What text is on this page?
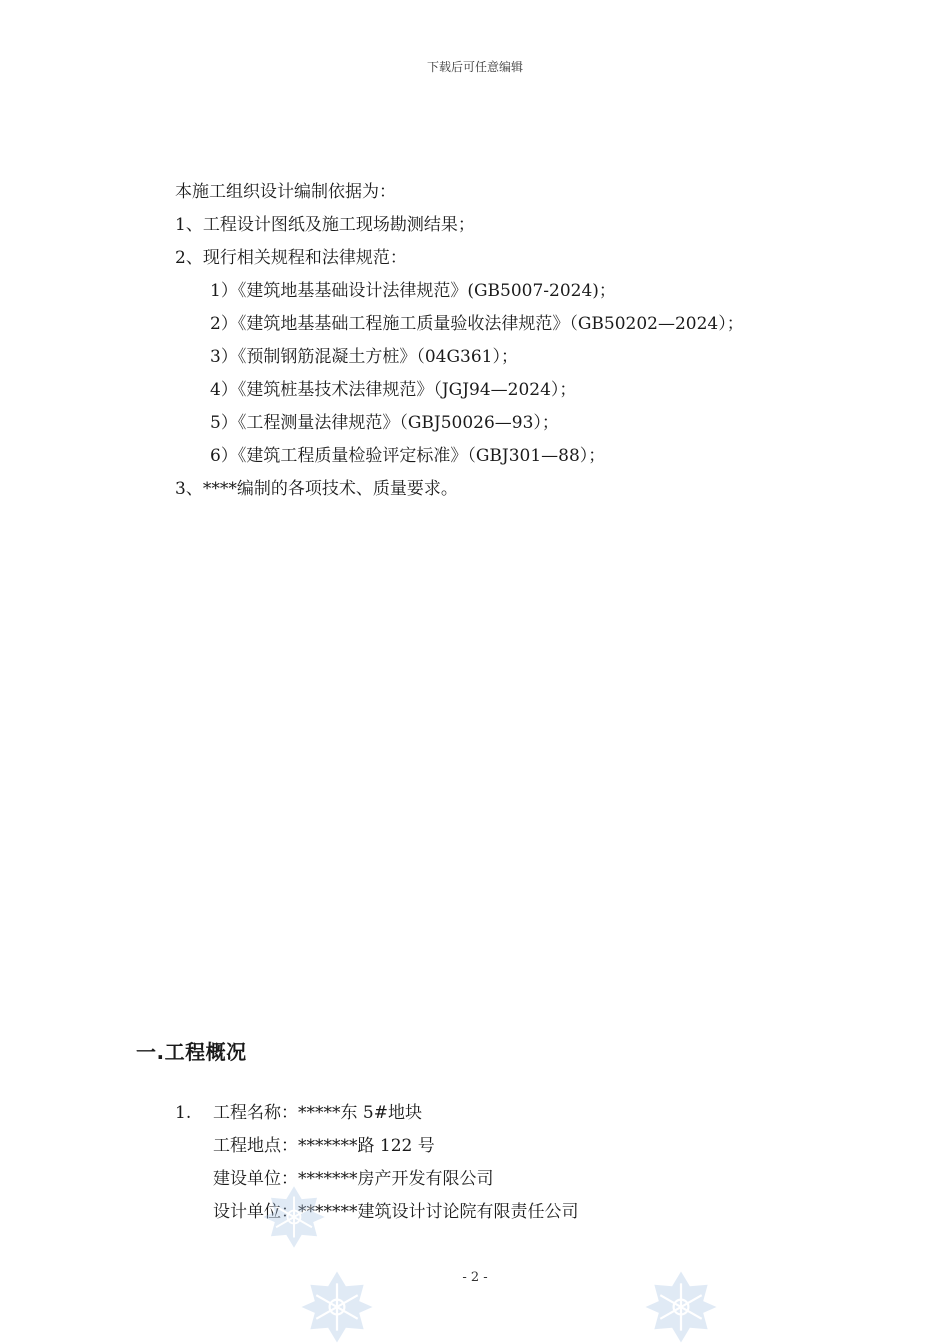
下载后可任意编辑
本施工组织设计编制依据为：
1、工程设计图纸及施工现场勘测结果；
2、现行相关规程和法律规范：
1）《建筑地基基础设计法律规范》(GB5007-2024)；
2）《建筑地基基础工程施工质量验收法律规范》（GB50202—2024）；
3）《预制钢筋混凝土方桩》（04G361）；
4）《建筑桩基技术法律规范》（JGJ94—2024）；
5）《工程测量法律规范》（GBJ50026—93）；
6）《建筑工程质量检验评定标准》（GBJ301—88）；
3、****编制的各项技术、质量要求。
一.工程概况
1. 工程名称：*****东 5#地块
工程地点：*******路 122 号
建设单位：*******房产开发有限公司
设计单位：*******建筑设计讨论院有限责任公司
- 2 -
